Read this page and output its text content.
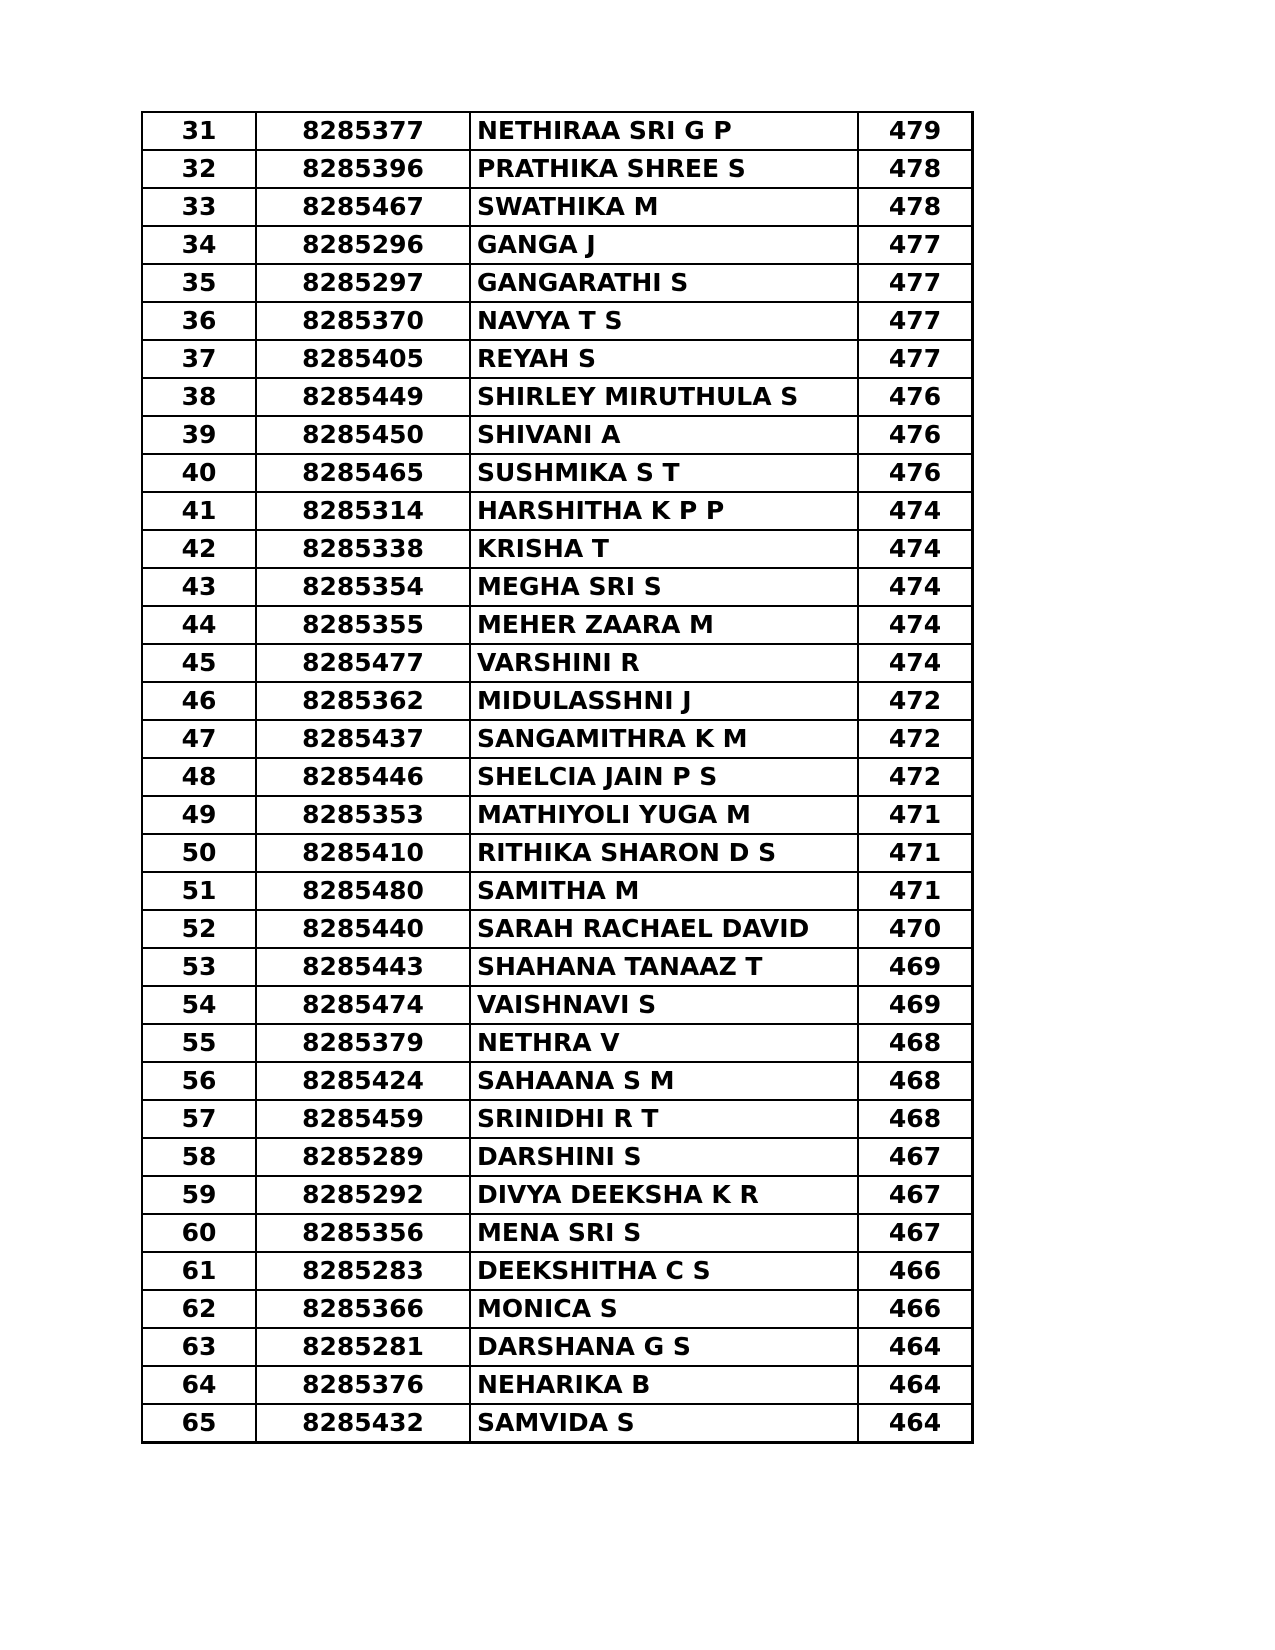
31	8285377	NETHIRAA SRI G P	479
32	8285396	PRATHIKA SHREE S	478
33	8285467	SWATHIKA M	478
34	8285296	GANGA J	477
35	8285297	GANGARATHI S	477
36	8285370	NAVYA T S	477
37	8285405	REYAH S	477
38	8285449	SHIRLEY MIRUTHULA S	476
39	8285450	SHIVANI A	476
40	8285465	SUSHMIKA S T	476
41	8285314	HARSHITHA K P P	474
42	8285338	KRISHA T	474
43	8285354	MEGHA SRI S	474
44	8285355	MEHER ZAARA M	474
45	8285477	VARSHINI R	474
46	8285362	MIDULASSHNI J	472
47	8285437	SANGAMITHRA K M	472
48	8285446	SHELCIA JAIN P S	472
49	8285353	MATHIYOLI YUGA M	471
50	8285410	RITHIKA SHARON D S	471
51	8285480	SAMITHA M	471
52	8285440	SARAH RACHAEL DAVID	470
53	8285443	SHAHANA TANAAZ T	469
54	8285474	VAISHNAVI S	469
55	8285379	NETHRA V	468
56	8285424	SAHAANA S M	468
57	8285459	SRINIDHI R T	468
58	8285289	DARSHINI S	467
59	8285292	DIVYA DEEKSHA K R	467
60	8285356	MENA SRI S	467
61	8285283	DEEKSHITHA C S	466
62	8285366	MONICA S	466
63	8285281	DARSHANA G S	464
64	8285376	NEHARIKA B	464
65	8285432	SAMVIDA S	464
